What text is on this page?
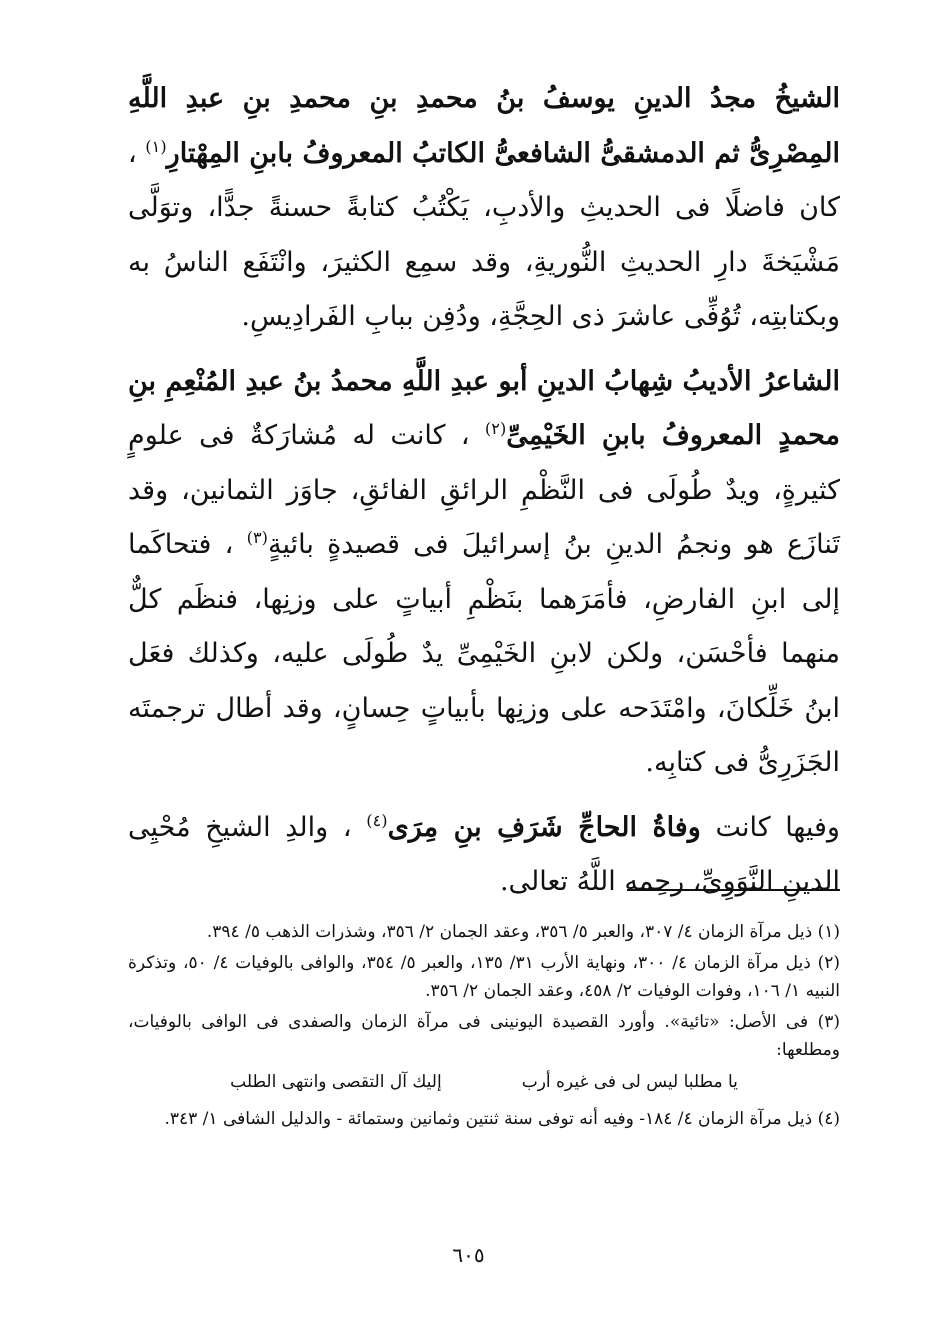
الشيخُ مجدُ الدينِ يوسفُ بنُ محمدِ بنِ محمدِ بنِ عبدِ اللَّهِ المِصْرِىُّ ثم الدمشقىُّ الشافعىُّ الكاتبُ المعروفُ بابنِ المِهْتارِ$^{(١)}$ ، كان فاضلًا فى الحديثِ والأدبِ، يَكْتُبُ كتابةً حسنةً جدًّا، وتوَلَّى مَشْيَخةَ دارِ الحديثِ النُّوريةِ، وقد سمِع الكثيرَ، وانْتَفَع الناسُ به وبكتابتِه، تُوُفِّى عاشرَ ذى الحِجَّةِ، ودُفِن ببابِ الفَرادِيسِ.

الشاعرُ الأديبُ شِهابُ الدينِ أبو عبدِ اللَّهِ محمدُ بنُ عبدِ المُنْعِمِ بنِ محمدٍ المعروفُ بابنِ الخَيْمِىِّ$^{(٢)}$ ، كانت له مُشارَكةٌ فى علومٍ كثيرةٍ، ويدٌ طُولَى فى النَّظْمِ الرائقِ الفائقِ، جاوَز الثمانين، وقد تَنازَع هو ونجمُ الدينِ بنُ إسرائيلَ فى قصيدةٍ بائيةٍ$^{(٣)}$ ، فتحاكَما إلى ابنِ الفارضِ، فأمَرَهما بنَظْمِ أبياتٍ على وزنِها، فنظَم كلٌّ منهما فأحْسَن، ولكن لابنِ الخَيْمِىِّ يدٌ طُولَى عليه، وكذلك فعَل ابنُ خَلِّكانَ، وامْتَدَحه على وزنِها بأبياتٍ حِسانٍ، وقد أطال ترجمتَه الجَزَرِىُّ فى كتابِه.

وفيها كانت وفاةُ الحاجِّ شَرَفِ بنِ مِرَى$^{(٤)}$ ، والدِ الشيخِ مُحْيِى الدينِ النَّوَوِىِّ، رحِمه اللَّهُ تعالى.

(١) ذيل مرآة الزمان ٤/ ٣٠٧، والعبر ٥/ ٣٥٦، وعقد الجمان ٢/ ٣٥٦، وشذرات الذهب ٥/ ٣٩٤.

(٢) ذيل مرآة الزمان ٤/ ٣٠٠، ونهاية الأرب ٣١/ ١٣٥، والعبر ٥/ ٣٥٤، والوافى بالوفيات ٤/ ٥٠، وتذكرة النبيه ١/ ١٠٦، وفوات الوفيات ٢/ ٤٥٨، وعقد الجمان ٢/ ٣٥٦.

(٣) فى الأصل: «تائية». وأورد القصيدة اليونينى فى مرآة الزمان والصفدى فى الوافى بالوفيات، ومطلعها:

يا مطلبا ليس لى فى غيره أرب
إليك آل التقصى وانتهى الطلب

(٤) ذيل مرآة الزمان ٤/ ١٨٤- وفيه أنه توفى سنة ثنتين وثمانين وستمائة - والدليل الشافى ١/ ٣٤٣.

٦٠٥
